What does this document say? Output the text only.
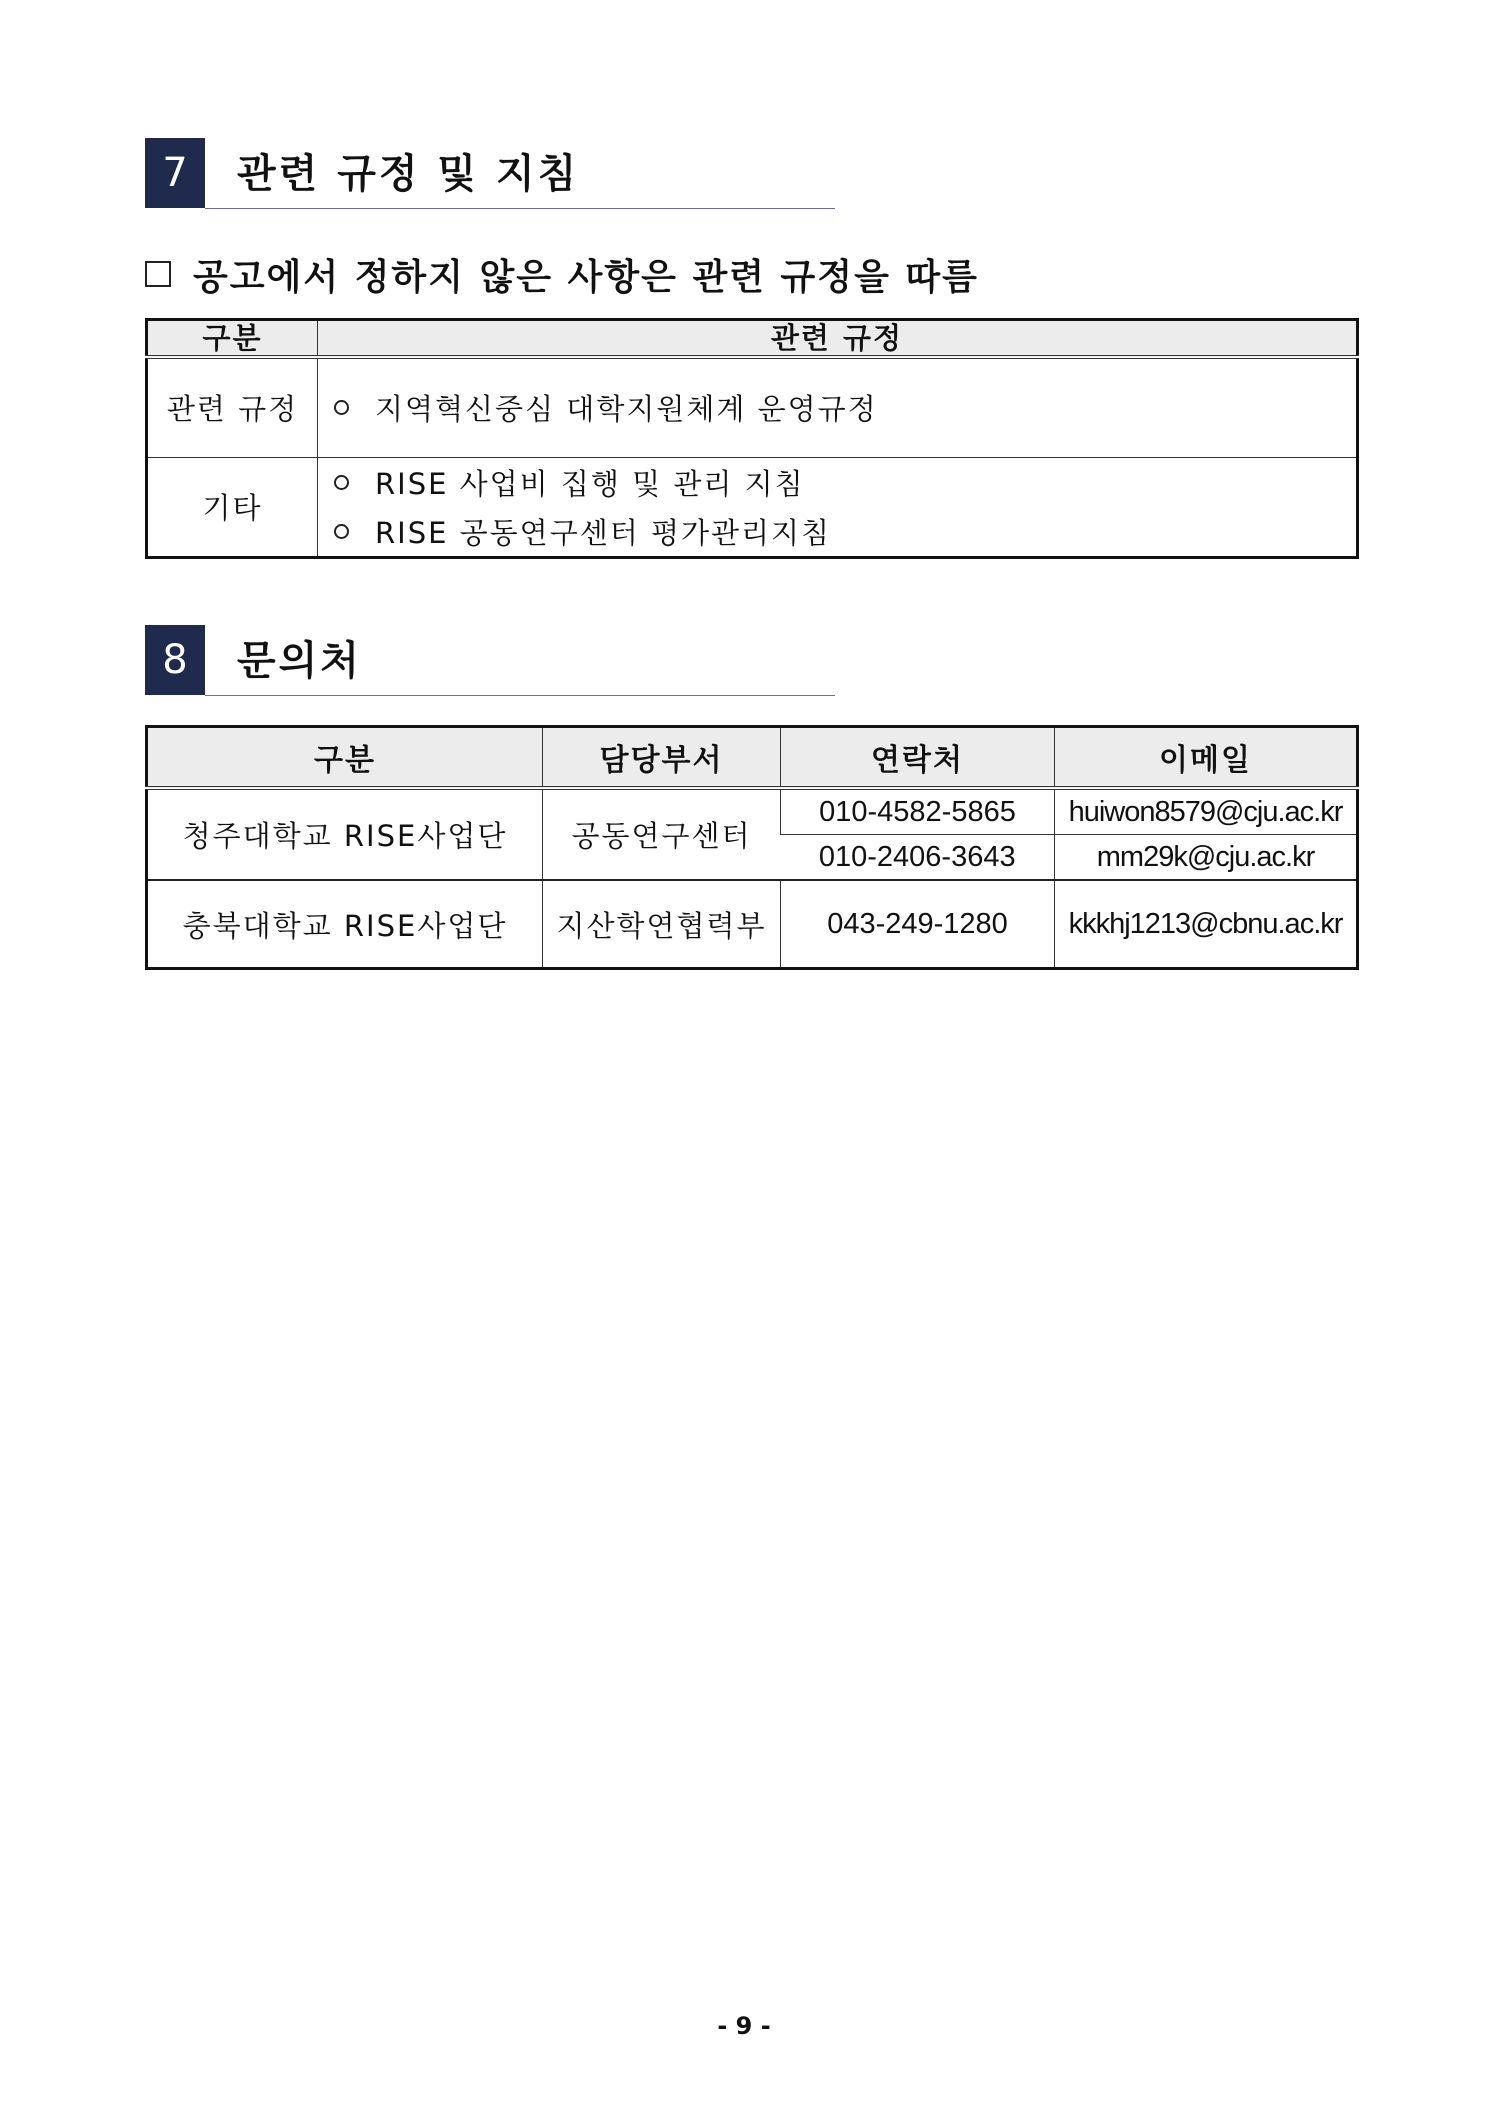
7	관련 규정 및 지침
공고에서 정하지 않은 사항은 관련 규정을 따름
구분	관련 규정
관련 규정	지역혁신중심 대학지원체계 운영규정

기타	RISE 사업비 집행 및 관리 지침
RISE 공동연구센터 평가관리지침
8	문의처
구분	담당부서	연락처	이메일
청주대학교 RISE사업단	공동연구센터	010-4582-5865	huiwon8579@cju.ac.kr
		010-2406-3643	mm29k@cju.ac.kr
충북대학교 RISE사업단	지산학연협력부	043-249-1280	kkkhj1213@cbnu.ac.kr
- 9 -
